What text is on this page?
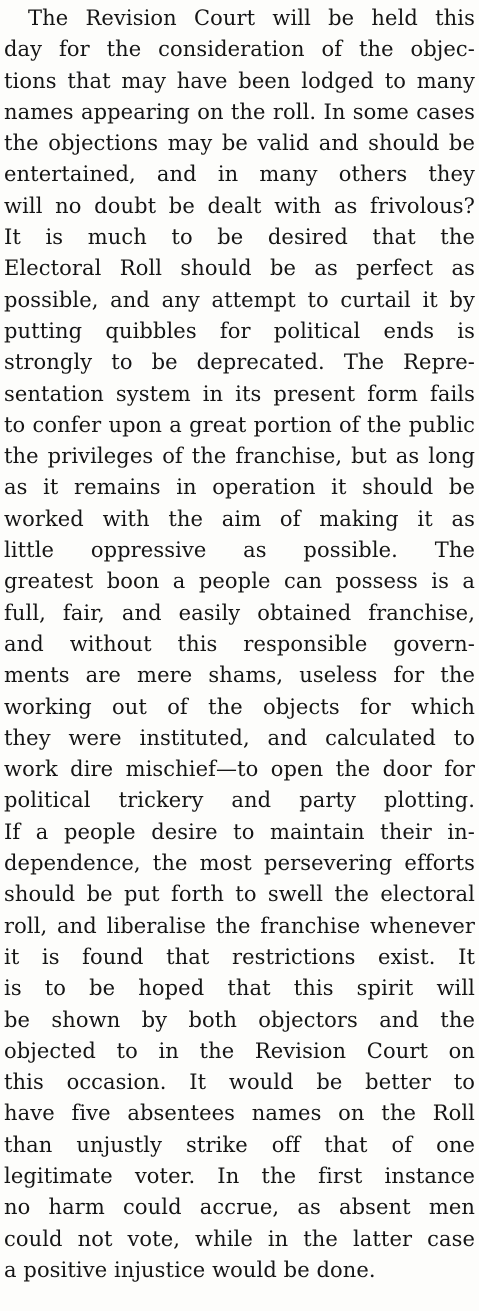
The Revision Court will be held this
day for the consideration of the objec-
tions that may have been lodged to many
names appearing on the roll. In some cases
the objections may be valid and should be
entertained, and in many others they
will no doubt be dealt with as frivolous?
It is much to be desired that the
Electoral Roll should be as perfect as
possible, and any attempt to curtail it by
putting quibbles for political ends is
strongly to be deprecated. The Repre-
sentation system in its present form fails
to confer upon a great portion of the public
the privileges of the franchise, but as long
as it remains in operation it should be
worked with the aim of making it as
little oppressive as possible. The
greatest boon a people can possess is a
full, fair, and easily obtained franchise,
and without this responsible govern-
ments are mere shams, useless for the
working out of the objects for which
they were instituted, and calculated to
work dire mischief—to open the door for
political trickery and party plotting.
If a people desire to maintain their in-
dependence, the most persevering efforts
should be put forth to swell the electoral
roll, and liberalise the franchise whenever
it is found that restrictions exist. It
is to be hoped that this spirit will
be shown by both objectors and the
objected to in the Revision Court on
this occasion. It would be better to
have five absentees names on the Roll
than unjustly strike off that of one
legitimate voter. In the first instance
no harm could accrue, as absent men
could not vote, while in the latter case
a positive injustice would be done.
